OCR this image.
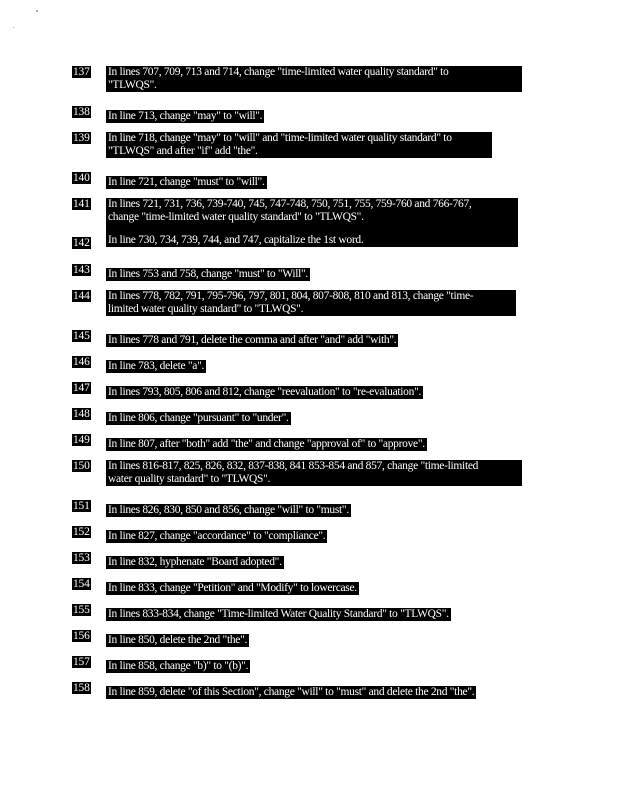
137 In lines 707, 709, 713 and 714, change "time-limited water quality standard" to
"TLWQS".
138 In line 713, change "may" to "will".
139 In line 718, change "may" to "will" and "time-limited water quality standard" to
"TLWQS" and after "if" add "the".
140 In line 721, change "must" to "will".
141 In lines 721, 731, 736, 739-740, 745, 747-748, 750, 751, 755, 759-760 and 766-767,
change "time-limited water quality standard" to "TLWQS".
In line 730, 734, 739, 744, and 747, capitalize the 1st word.
142
143 In lines 753 and 758, change "must" to "Will".
144 In lines 778, 782, 791, 795-796, 797, 801, 804, 807-808, 810 and 813, change "time-
limited water quality standard" to "TLWQS".
145 In lines 778 and 791, delete the comma and after "and" add "with".
146 In line 783, delete "a".
147 In lines 793, 805, 806 and 812, change "reevaluation" to "re-evaluation".
148 In line 806, change "pursuant" to "under".
149 In line 807, after "both" add "the" and change "approval of" to "approve".
150 In lines 816-817, 825, 826, 832, 837-838, 841 853-854 and 857, change "time-limited
water quality standard" to "TLWQS".
151 In lines 826, 830, 850 and 856, change "will" to "must".
152 In line 827, change "accordance" to "compliance".
153 In line 832, hyphenate "Board adopted".
154 In line 833, change "Petition" and "Modify" to lowercase.
155 In lines 833-834, change "Time-limited Water Quality Standard" to "TLWQS".
156 In line 850, delete the 2nd "the".
157 In line 858, change "b)" to "(b)".
158 In line 859, delete "of this Section", change "will" to "must" and delete the 2nd "the".
